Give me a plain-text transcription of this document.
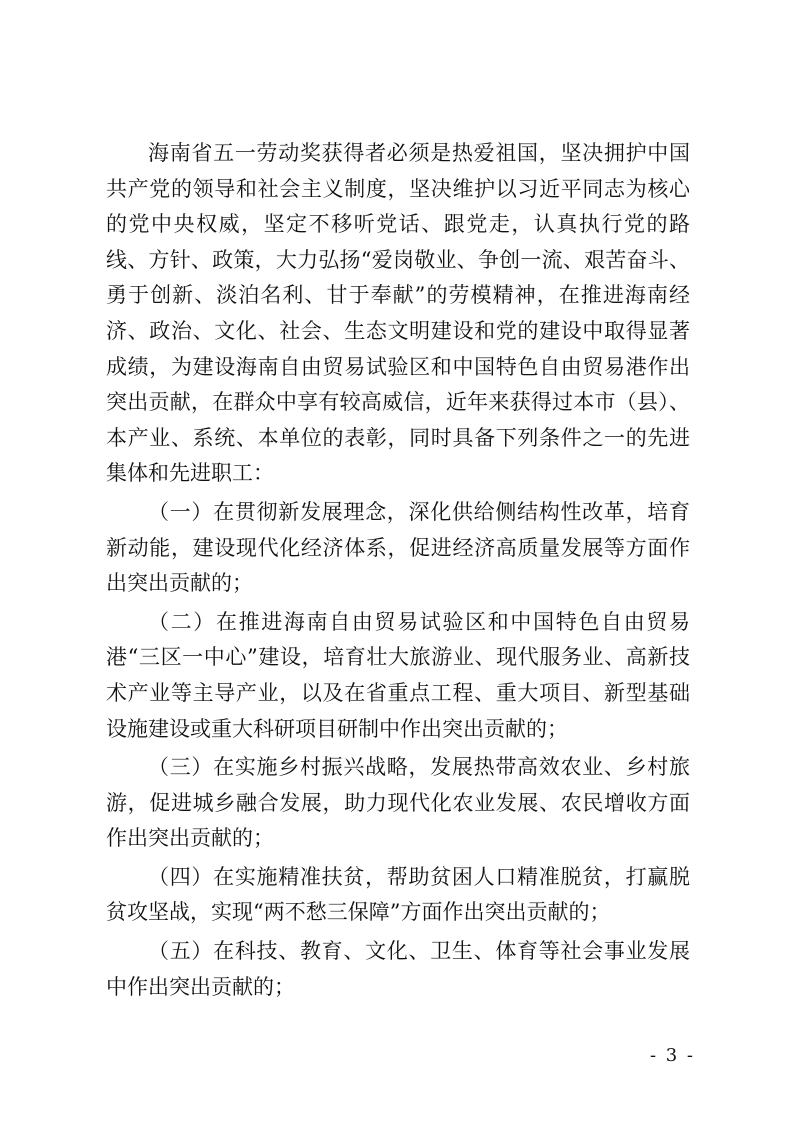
海南省五一劳动奖获得者必须是热爱祖国，坚决拥护中国共产党的领导和社会主义制度，坚决维护以习近平同志为核心的党中央权威，坚定不移听党话、跟党走，认真执行党的路线、方针、政策，大力弘扬“爱岗敬业、争创一流、艰苦奋斗、勇于创新、淡泊名利、甘于奉献”的劳模精神，在推进海南经济、政治、文化、社会、生态文明建设和党的建设中取得显著成绩，为建设海南自由贸易试验区和中国特色自由贸易港作出突出贡献，在群众中享有较高威信，近年来获得过本市（县）、本产业、系统、本单位的表彰，同时具备下列条件之一的先进集体和先进职工：

（一）在贯彻新发展理念，深化供给侧结构性改革，培育新动能，建设现代化经济体系，促进经济高质量发展等方面作出突出贡献的；

（二）在推进海南自由贸易试验区和中国特色自由贸易港“三区一中心”建设，培育壮大旅游业、现代服务业、高新技术产业等主导产业，以及在省重点工程、重大项目、新型基础设施建设或重大科研项目研制中作出突出贡献的；

（三）在实施乡村振兴战略，发展热带高效农业、乡村旅游，促进城乡融合发展，助力现代化农业发展、农民增收方面作出突出贡献的；

（四）在实施精准扶贫，帮助贫困人口精准脱贫，打赢脱贫攻坚战，实现“两不愁三保障”方面作出突出贡献的；

（五）在科技、教育、文化、卫生、体育等社会事业发展中作出突出贡献的；

- 3 -
